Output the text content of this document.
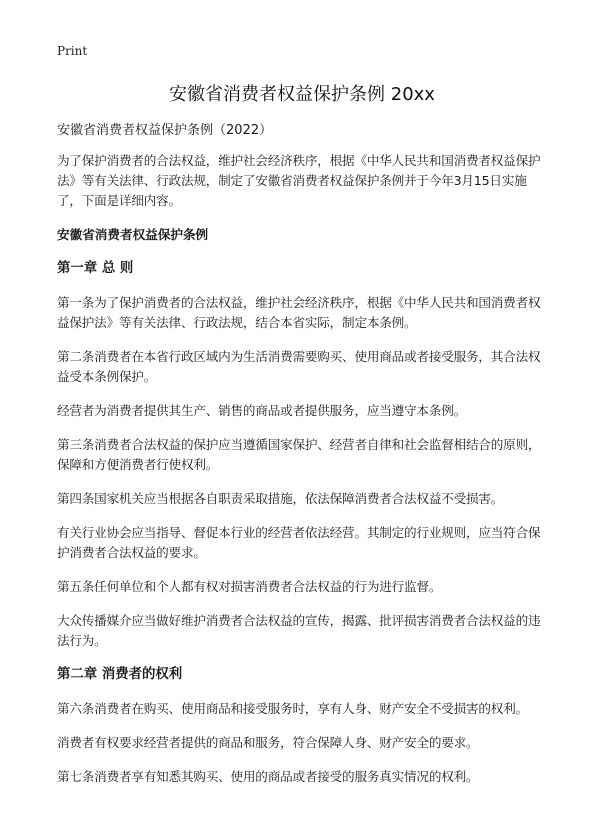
Print
安徽省消费者权益保护条例 20xx
安徽省消费者权益保护条例（2022）

为了保护消费者的合法权益，维护社会经济秩序，根据《中华人民共和国消费者权益保护法》等有关法律、行政法规，制定了安徽省消费者权益保护条例并于今年3月15日实施了，下面是详细内容。

安徽省消费者权益保护条例
第一章 总 则

第一条为了保护消费者的合法权益，维护社会经济秩序，根据《中华人民共和国消费者权益保护法》等有关法律、行政法规，结合本省实际，制定本条例。

第二条消费者在本省行政区域内为生活消费需要购买、使用商品或者接受服务，其合法权益受本条例保护。

经营者为消费者提供其生产、销售的商品或者提供服务，应当遵守本条例。

第三条消费者合法权益的保护应当遵循国家保护、经营者自律和社会监督相结合的原则，保障和方便消费者行使权利。

第四条国家机关应当根据各自职责采取措施，依法保障消费者合法权益不受损害。

有关行业协会应当指导、督促本行业的经营者依法经营。其制定的行业规则，应当符合保护消费者合法权益的要求。

第五条任何单位和个人都有权对损害消费者合法权益的行为进行监督。

大众传播媒介应当做好维护消费者合法权益的宣传，揭露、批评损害消费者合法权益的违法行为。

第二章 消费者的权利

第六条消费者在购买、使用商品和接受服务时，享有人身、财产安全不受损害的权利。

消费者有权要求经营者提供的商品和服务，符合保障人身、财产安全的要求。

第七条消费者享有知悉其购买、使用的商品或者接受的服务真实情况的权利。
